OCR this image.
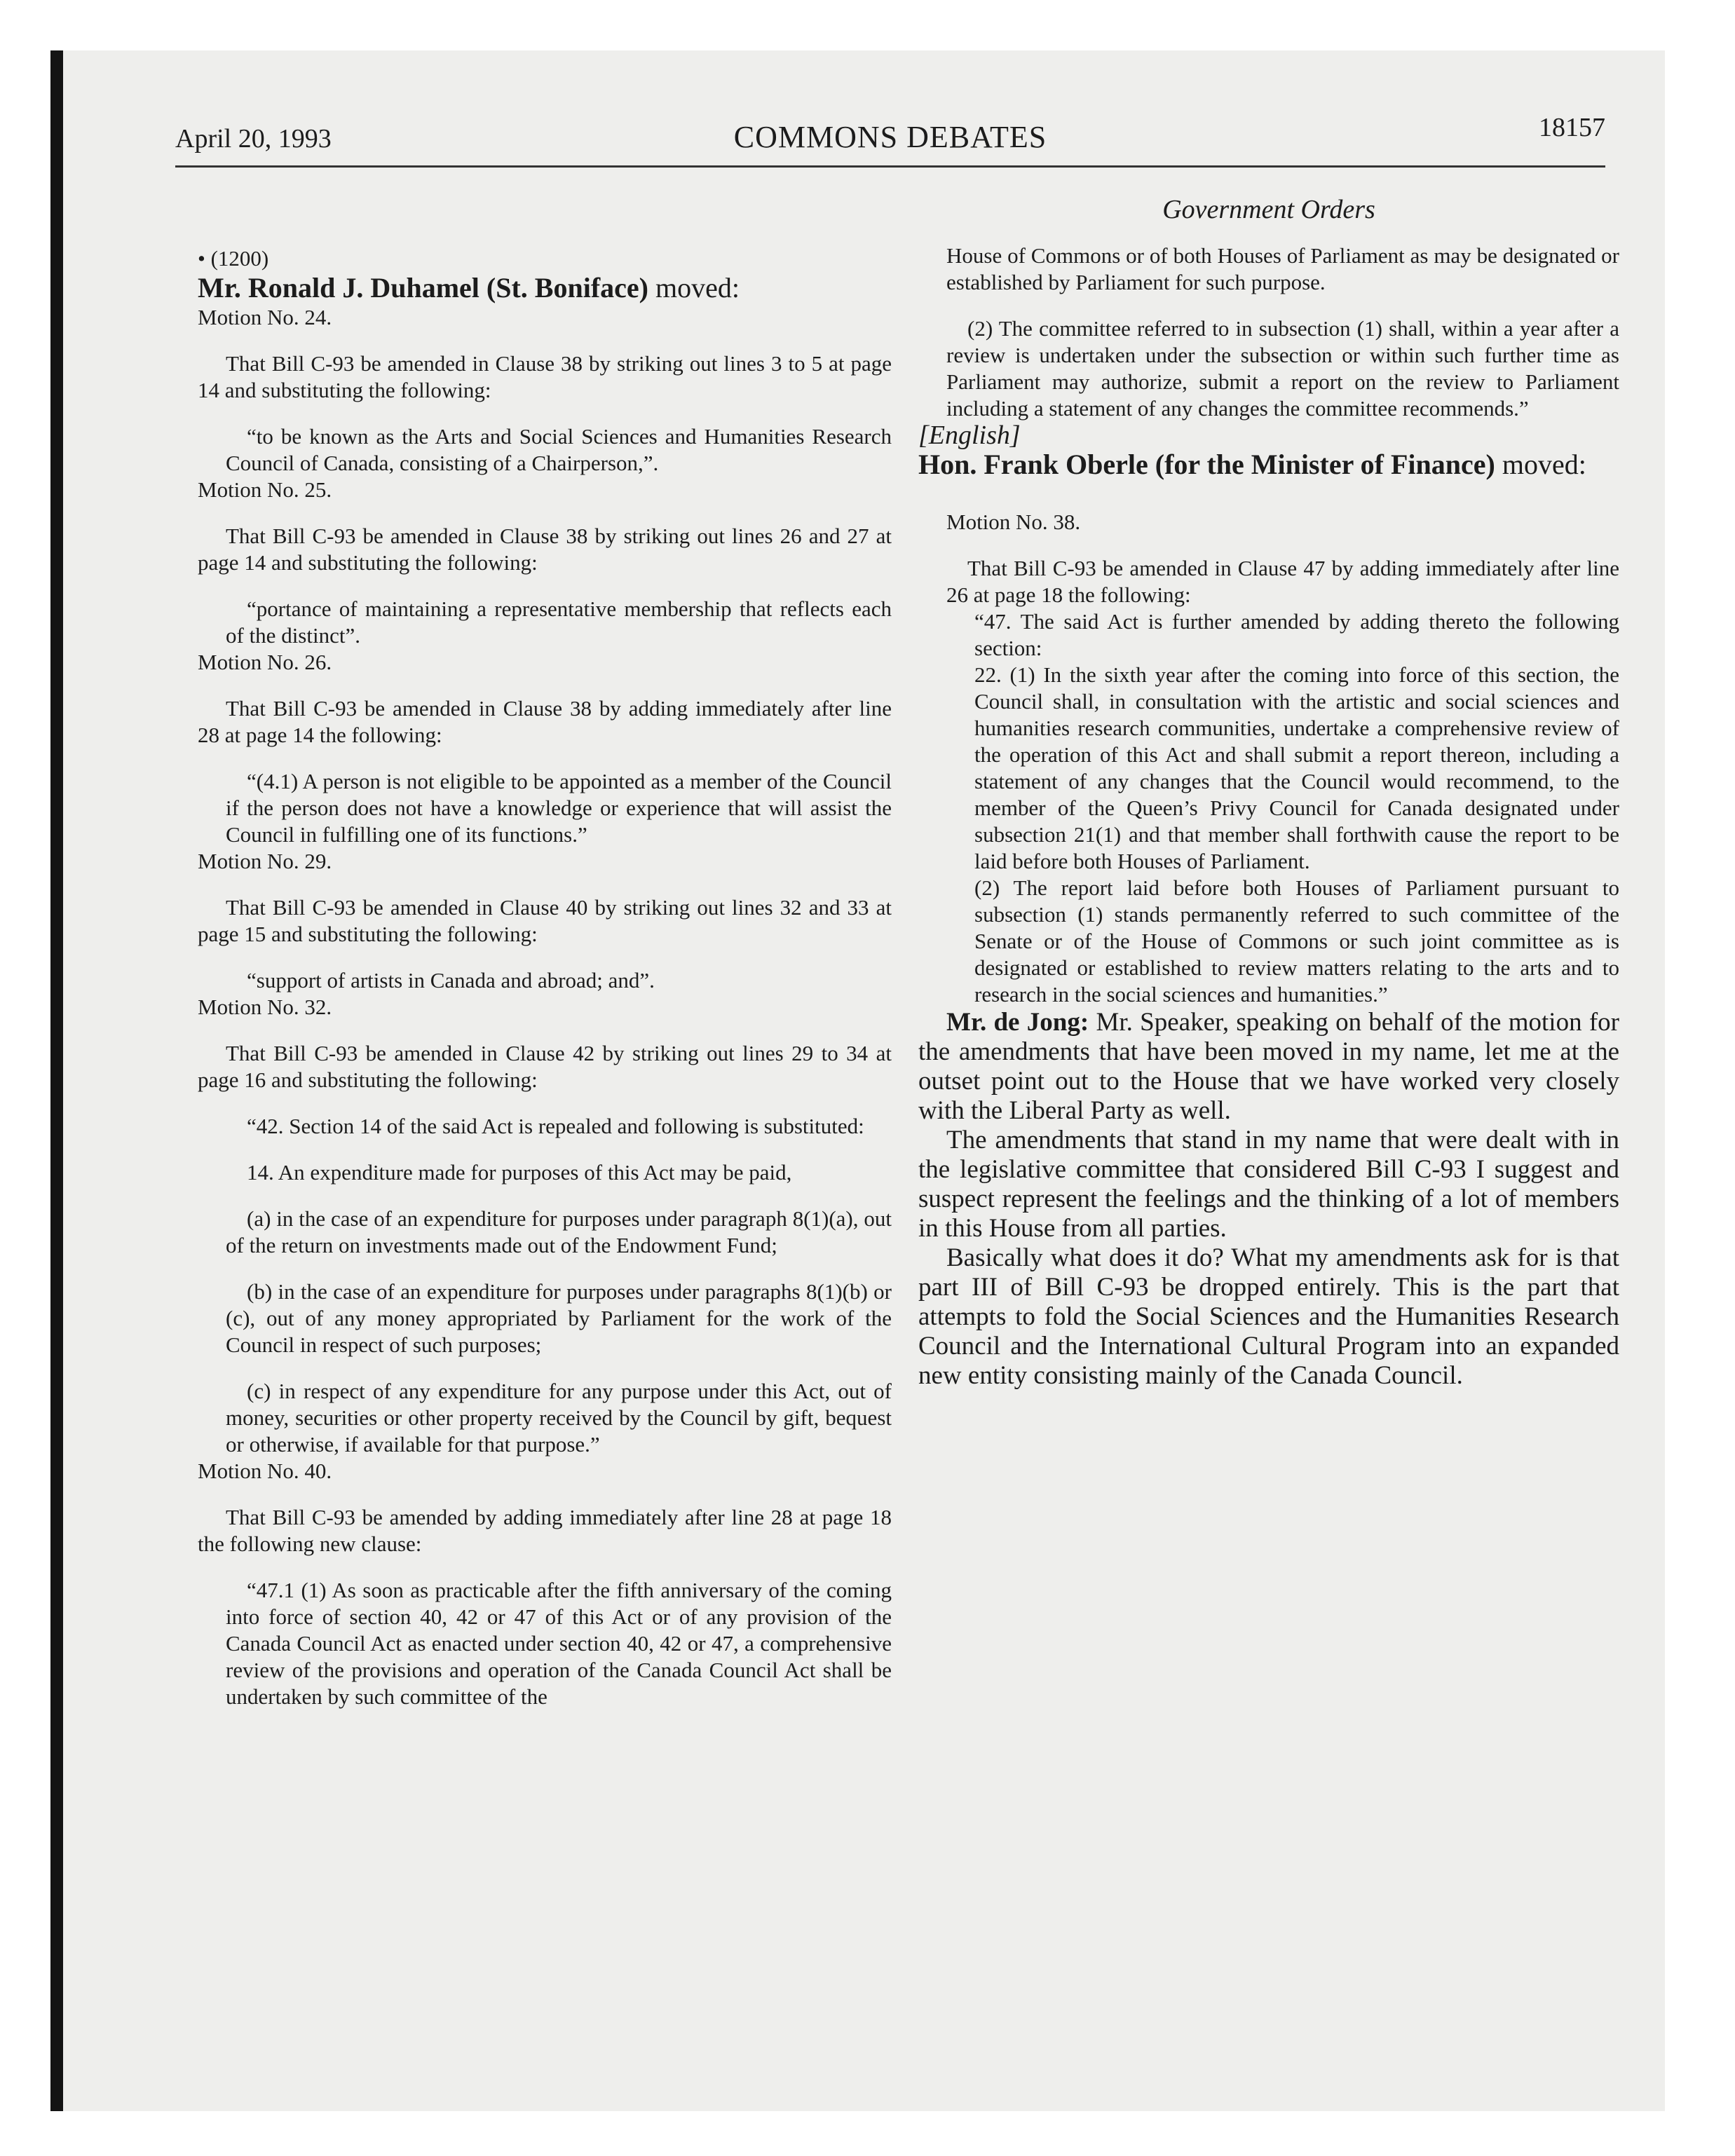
April 20, 1993	COMMONS DEBATES	18157

• (1200)

Mr. Ronald J. Duhamel (St. Boniface) moved:

Motion No. 24.

That Bill C-93 be amended in Clause 38 by striking out lines 3 to 5 at page 14 and substituting the following:

“to be known as the Arts and Social Sciences and Humanities Research Council of Canada, consisting of a Chairperson,”.

Motion No. 25.

That Bill C-93 be amended in Clause 38 by striking out lines 26 and 27 at page 14 and substituting the following:

“portance of maintaining a representative membership that reflects each of the distinct”.

Motion No. 26.

That Bill C-93 be amended in Clause 38 by adding immediately after line 28 at page 14 the following:

“(4.1) A person is not eligible to be appointed as a member of the Council if the person does not have a knowledge or experience that will assist the Council in fulfilling one of its functions.”

Motion No. 29.

That Bill C-93 be amended in Clause 40 by striking out lines 32 and 33 at page 15 and substituting the following:

“support of artists in Canada and abroad; and”.

Motion No. 32.

That Bill C-93 be amended in Clause 42 by striking out lines 29 to 34 at page 16 and substituting the following:

“42. Section 14 of the said Act is repealed and following is substituted:

14. An expenditure made for purposes of this Act may be paid,

(a) in the case of an expenditure for purposes under paragraph 8(1)(a), out of the return on investments made out of the Endowment Fund;

(b) in the case of an expenditure for purposes under paragraphs 8(1)(b) or (c), out of any money appropriated by Parliament for the work of the Council in respect of such purposes;

(c) in respect of any expenditure for any purpose under this Act, out of money, securities or other property received by the Council by gift, bequest or otherwise, if available for that purpose.”

Motion No. 40.

That Bill C-93 be amended by adding immediately after line 28 at page 18 the following new clause:

“47.1 (1) As soon as practicable after the fifth anniversary of the coming into force of section 40, 42 or 47 of this Act or of any provision of the Canada Council Act as enacted under section 40, 42 or 47, a comprehensive review of the provisions and operation of the Canada Council Act shall be undertaken by such committee of the

Government Orders

House of Commons or of both Houses of Parliament as may be designated or established by Parliament for such purpose.

(2) The committee referred to in subsection (1) shall, within a year after a review is undertaken under the subsection or within such further time as Parliament may authorize, submit a report on the review to Parliament including a statement of any changes the committee recommends.”

[English]

Hon. Frank Oberle (for the Minister of Finance) moved:

Motion No. 38.

That Bill C-93 be amended in Clause 47 by adding immediately after line 26 at page 18 the following:

“47. The said Act is further amended by adding thereto the following section:

22. (1) In the sixth year after the coming into force of this section, the Council shall, in consultation with the artistic and social sciences and humanities research communities, undertake a comprehensive review of the operation of this Act and shall submit a report thereon, including a statement of any changes that the Council would recommend, to the member of the Queen’s Privy Council for Canada designated under subsection 21(1) and that member shall forthwith cause the report to be laid before both Houses of Parliament.

(2) The report laid before both Houses of Parliament pursuant to subsection (1) stands permanently referred to such committee of the Senate or of the House of Commons or such joint committee as is designated or established to review matters relating to the arts and to research in the social sciences and humanities.”

Mr. de Jong: Mr. Speaker, speaking on behalf of the motion for the amendments that have been moved in my name, let me at the outset point out to the House that we have worked very closely with the Liberal Party as well.

The amendments that stand in my name that were dealt with in the legislative committee that considered Bill C-93 I suggest and suspect represent the feelings and the thinking of a lot of members in this House from all parties.

Basically what does it do? What my amendments ask for is that part III of Bill C-93 be dropped entirely. This is the part that attempts to fold the Social Sciences and the Humanities Research Council and the International Cultural Program into an expanded new entity consisting mainly of the Canada Council.
